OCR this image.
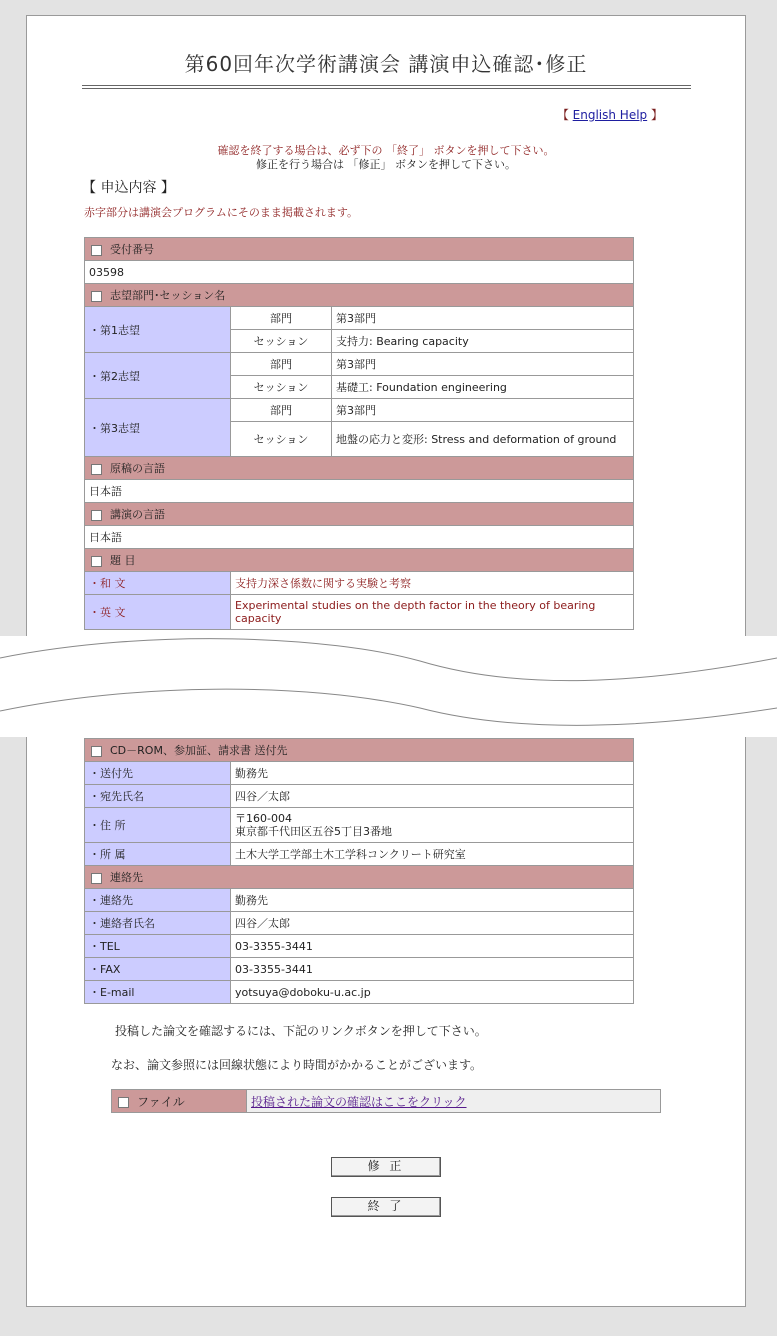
第60回年次学術講演会 講演申込確認･修正
【 English Help 】
確認を終了する場合は、必ず下の 「終了」 ボタンを押して下さい。
修正を行う場合は 「修正」 ボタンを押して下さい。
【 申込内容 】
赤字部分は講演会プログラムにそのまま掲載されます。
受付番号		
03598		
志望部門･セッション名		
・第1志望	部門	第3部門
	セッション	支持力: Bearing capacity
・第2志望	部門	第3部門
	セッション	基礎工: Foundation engineering
・第3志望	部門	第3部門
	セッション	地盤の応力と変形: Stress and deformation of ground
原稿の言語		
日本語		
講演の言語		
日本語		
題 目		
・和 文	支持力深さ係数に関する実験と考察	
・英 文	Experimental studies on the depth factor in the theory of bearing capacity	
CD－ROM、参加証、請求書 送付先	
・送付先	勤務先
・宛先氏名	四谷／太郎
・住 所	〒160-004
東京都千代田区五谷5丁目3番地

・所 属	土木大学工学部土木工学科コンクリート研究室
連絡先	
・連絡先	勤務先
・連絡者氏名	四谷／太郎
・TEL	03-3355-3441
・FAX	03-3355-3441
・E-mail	yotsuya@doboku-u.ac.jp
投稿した論文を確認するには、下記のリンクボタンを押して下さい。
なお、論文参照には回線状態により時間がかかることがございます。
ファイル	投稿された論文の確認はここをクリック
修 正
終 了
